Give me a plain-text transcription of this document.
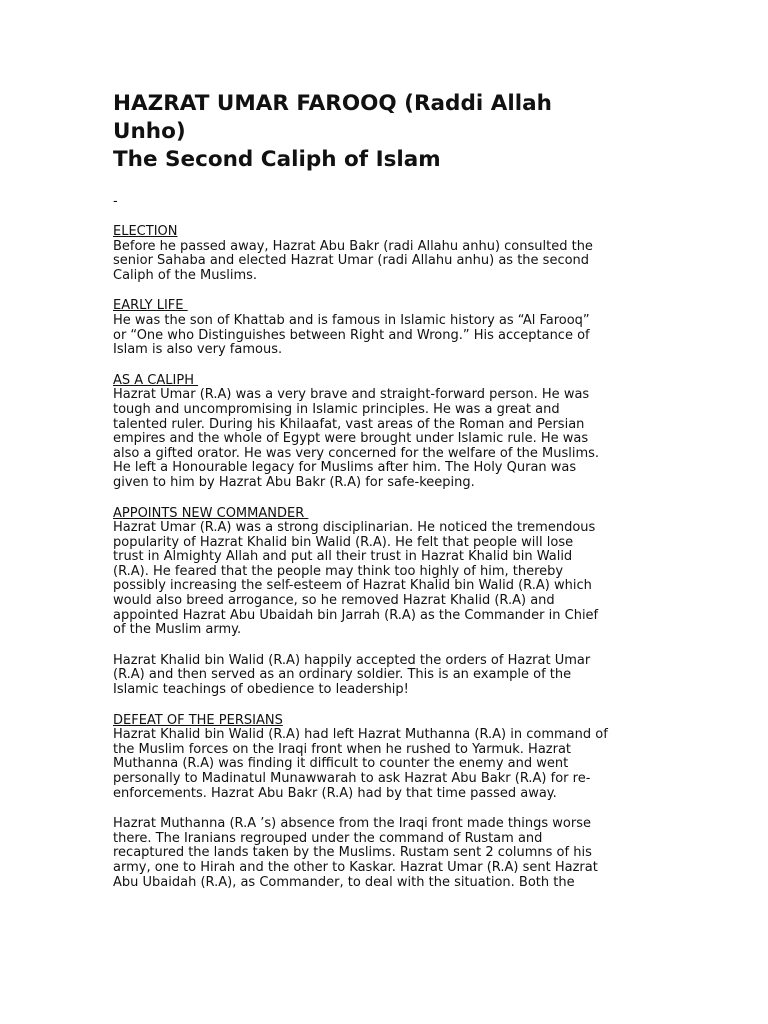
HAZRAT UMAR FAROOQ (Raddi Allah
Unho)
The Second Caliph of Islam
-
ELECTION
Before he passed away, Hazrat Abu Bakr (radi Allahu anhu) consulted the
senior Sahaba and elected Hazrat Umar (radi Allahu anhu) as the second
Caliph of the Muslims.
EARLY LIFE
He was the son of Khattab and is famous in Islamic history as “Al Farooq”
or “One who Distinguishes between Right and Wrong.” His acceptance of
Islam is also very famous.
AS A CALIPH
Hazrat Umar (R.A) was a very brave and straight-forward person. He was
tough and uncompromising in Islamic principles. He was a great and
talented ruler. During his Khilaafat, vast areas of the Roman and Persian
empires and the whole of Egypt were brought under Islamic rule. He was
also a gifted orator. He was very concerned for the welfare of the Muslims.
He left a Honourable legacy for Muslims after him. The Holy Quran was
given to him by Hazrat Abu Bakr (R.A) for safe-keeping.
APPOINTS NEW COMMANDER
Hazrat Umar (R.A) was a strong disciplinarian. He noticed the tremendous
popularity of Hazrat Khalid bin Walid (R.A). He felt that people will lose
trust in Almighty Allah and put all their trust in Hazrat Khalid bin Walid
(R.A). He feared that the people may think too highly of him, thereby
possibly increasing the self-esteem of Hazrat Khalid bin Walid (R.A) which
would also breed arrogance, so he removed Hazrat Khalid (R.A) and
appointed Hazrat Abu Ubaidah bin Jarrah (R.A) as the Commander in Chief
of the Muslim army.
Hazrat Khalid bin Walid (R.A) happily accepted the orders of Hazrat Umar
(R.A) and then served as an ordinary soldier. This is an example of the
Islamic teachings of obedience to leadership!
DEFEAT OF THE PERSIANS
Hazrat Khalid bin Walid (R.A) had left Hazrat Muthanna (R.A) in command of
the Muslim forces on the Iraqi front when he rushed to Yarmuk. Hazrat
Muthanna (R.A) was finding it difficult to counter the enemy and went
personally to Madinatul Munawwarah to ask Hazrat Abu Bakr (R.A) for re-
enforcements. Hazrat Abu Bakr (R.A) had by that time passed away.
Hazrat Muthanna (R.A ’s) absence from the Iraqi front made things worse
there. The Iranians regrouped under the command of Rustam and
recaptured the lands taken by the Muslims. Rustam sent 2 columns of his
army, one to Hirah and the other to Kaskar. Hazrat Umar (R.A) sent Hazrat
Abu Ubaidah (R.A), as Commander, to deal with the situation. Both the
